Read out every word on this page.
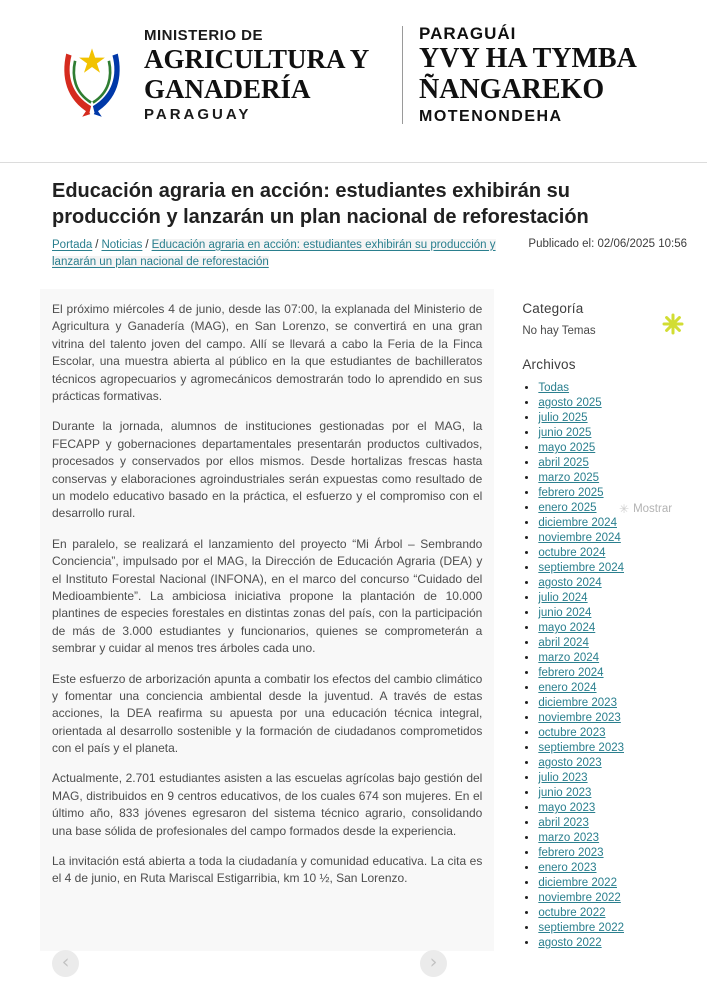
MINISTERIO DE
AGRICULTURA Y
GANADERÍA
PARAGUAY
PARAGUÁI
YVY HA TYMBA
ÑANGAREKO
MOTENONDEHA
Educación agraria en acción: estudiantes exhibirán su producción y lanzarán un plan nacional de reforestación
Portada / Noticias / Educación agraria en acción: estudiantes exhibirán su producción y lanzarán un plan nacional de reforestación
Publicado el: 02/06/2025 10:56

El próximo miércoles 4 de junio, desde las 07:00, la explanada del Ministerio de Agricultura y Ganadería (MAG), en San Lorenzo, se convertirá en una gran vitrina del talento joven del campo. Allí se llevará a cabo la Feria de la Finca Escolar, una muestra abierta al público en la que estudiantes de bachilleratos técnicos agropecuarios y agromecánicos demostrarán todo lo aprendido en sus prácticas formativas.

Durante la jornada, alumnos de instituciones gestionadas por el MAG, la FECAPP y gobernaciones departamentales presentarán productos cultivados, procesados y conservados por ellos mismos. Desde hortalizas frescas hasta conservas y elaboraciones agroindustriales serán expuestas como resultado de un modelo educativo basado en la práctica, el esfuerzo y el compromiso con el desarrollo rural.

En paralelo, se realizará el lanzamiento del proyecto “Mi Árbol – Sembrando Conciencia”, impulsado por el MAG, la Dirección de Educación Agraria (DEA) y el Instituto Forestal Nacional (INFONA), en el marco del concurso “Cuidado del Medioambiente”. La ambiciosa iniciativa propone la plantación de 10.000 plantines de especies forestales en distintas zonas del país, con la participación de más de 3.000 estudiantes y funcionarios, quienes se comprometerán a sembrar y cuidar al menos tres árboles cada uno.

Este esfuerzo de arborización apunta a combatir los efectos del cambio climático y fomentar una conciencia ambiental desde la juventud. A través de estas acciones, la DEA reafirma su apuesta por una educación técnica integral, orientada al desarrollo sostenible y la formación de ciudadanos comprometidos con el país y el planeta.

Actualmente, 2.701 estudiantes asisten a las escuelas agrícolas bajo gestión del MAG, distribuidos en 9 centros educativos, de los cuales 674 son mujeres. En el último año, 833 jóvenes egresaron del sistema técnico agrario, consolidando una base sólida de profesionales del campo formados desde la experiencia.

La invitación está abierta a toda la ciudadanía y comunidad educativa. La cita es el 4 de junio, en Ruta Mariscal Estigarribia, km 10 ½, San Lorenzo.

Categoría
No hay Temas
Archivos
• Todas
• agosto 2025
• julio 2025
• junio 2025
• mayo 2025
• abril 2025
• marzo 2025
• febrero 2025
• enero 2025
• diciembre 2024
• noviembre 2024
• octubre 2024
• septiembre 2024
• agosto 2024
• julio 2024
• junio 2024
• mayo 2024
• abril 2024
• marzo 2024
• febrero 2024
• enero 2024
• diciembre 2023
• noviembre 2023
• octubre 2023
• septiembre 2023
• agosto 2023
• julio 2023
• junio 2023
• mayo 2023
• abril 2023
• marzo 2023
• febrero 2023
• enero 2023
• diciembre 2022
• noviembre 2022
• octubre 2022
• septiembre 2022
• agosto 2022
✳ Mostrar
‹	›
